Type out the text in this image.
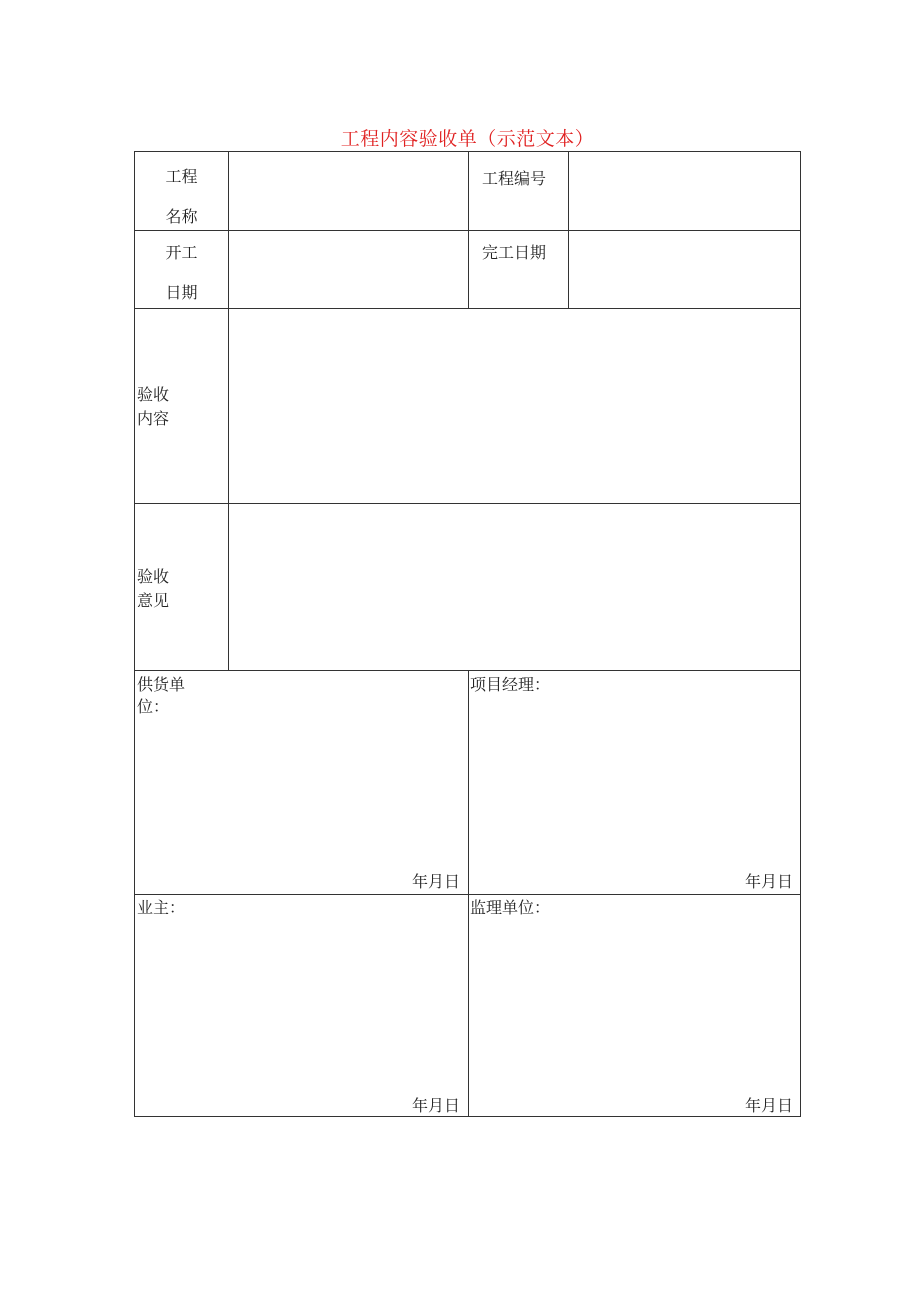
工程内容验收单（示范文本）
工程
名称
工程编号
开工
日期
完工日期
验收
内容
验收
意见
供货单
位：
年月日
项目经理：
年月日
业主：
年月日
监理单位：
年月日
